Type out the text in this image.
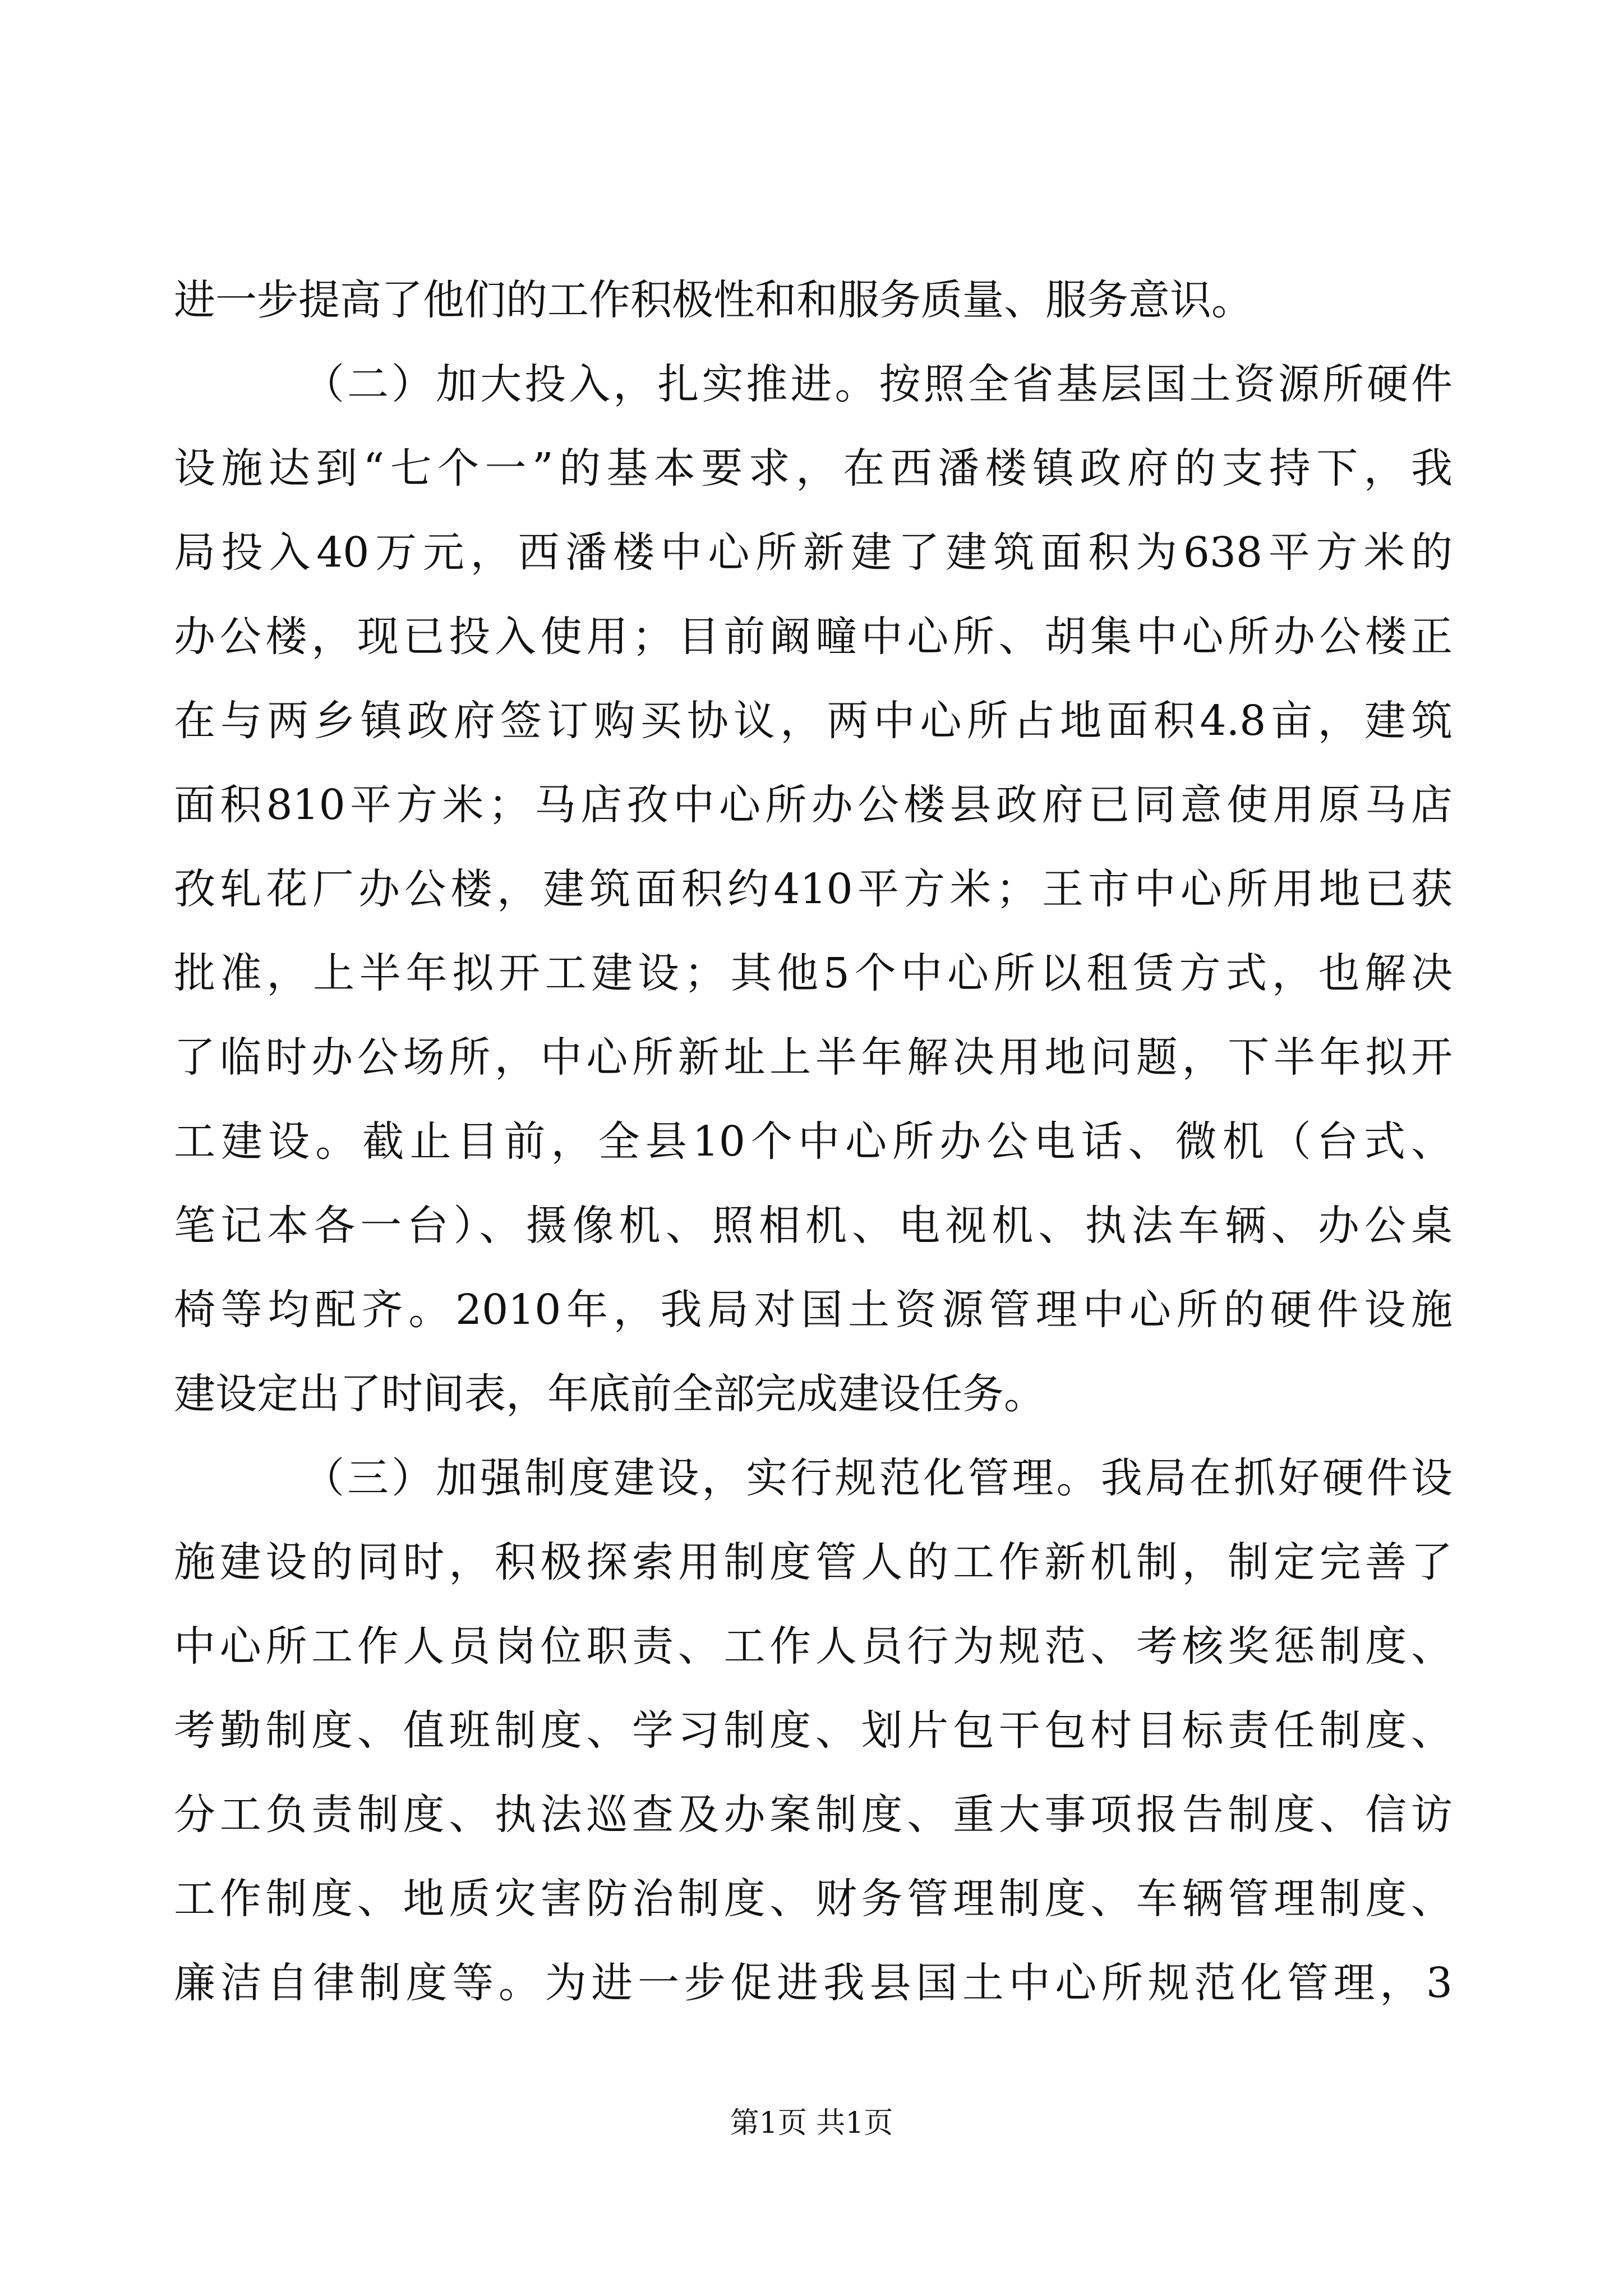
进一步提高了他们的工作积极性和和服务质量、服务意识。
（二）加大投入，扎实推进。按照全省基层国土资源所硬件
设施达到“七个一”的基本要求，在西潘楼镇政府的支持下，我
局投入40万元，西潘楼中心所新建了建筑面积为638平方米的
办公楼，现已投入使用；目前阚疃中心所、胡集中心所办公楼正
在与两乡镇政府签订购买协议，两中心所占地面积4.8亩，建筑
面积810平方米；马店孜中心所办公楼县政府已同意使用原马店
孜轧花厂办公楼，建筑面积约410平方米；王市中心所用地已获
批准，上半年拟开工建设；其他5个中心所以租赁方式，也解决
了临时办公场所，中心所新址上半年解决用地问题，下半年拟开
工建设。截止目前，全县10个中心所办公电话、微机（台式、
笔记本各一台）、摄像机、照相机、电视机、执法车辆、办公桌
椅等均配齐。2010年，我局对国土资源管理中心所的硬件设施
建设定出了时间表，年底前全部完成建设任务。
（三）加强制度建设，实行规范化管理。我局在抓好硬件设
施建设的同时，积极探索用制度管人的工作新机制，制定完善了
中心所工作人员岗位职责、工作人员行为规范、考核奖惩制度、
考勤制度、值班制度、学习制度、划片包干包村目标责任制度、
分工负责制度、执法巡查及办案制度、重大事项报告制度、信访
工作制度、地质灾害防治制度、财务管理制度、车辆管理制度、
廉洁自律制度等。为进一步促进我县国土中心所规范化管理，3
第1页 共1页
